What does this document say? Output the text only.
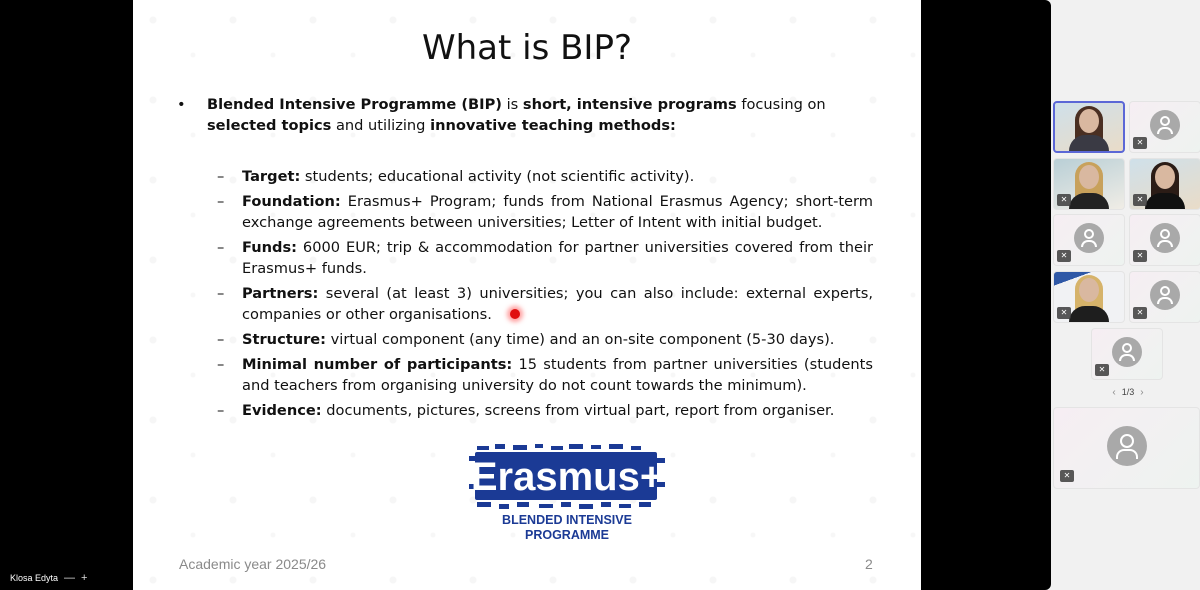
What is BIP?
• Blended Intensive Programme (BIP) is short, intensive programs focusing on selected topics and utilizing innovative teaching methods:
– Target: students; educational activity (not scientific activity).
– Foundation: Erasmus+ Program; funds from National Erasmus Agency; short-term exchange agreements between universities; Letter of Intent with initial budget.
– Funds: 6000 EUR; trip & accommodation for partner universities covered from their Erasmus+ funds.
– Partners: several (at least 3) universities; you can also include: external experts, companies or other organisations.
– Structure: virtual component (any time) and an on-site component (5-30 days).
– Minimal number of participants: 15 students from partner universities (students and teachers from organising university do not count towards the minimum).
– Evidence: documents, pictures, screens from virtual part, report from organiser.
Erasmus+
BLENDED INTENSIVE
PROGRAMME
Academic year 2025/26	2
Klosa Edyta — +
✕
✕	✕
✕	✕
✕	✕
✕
‹ 1/3 ›
✕
